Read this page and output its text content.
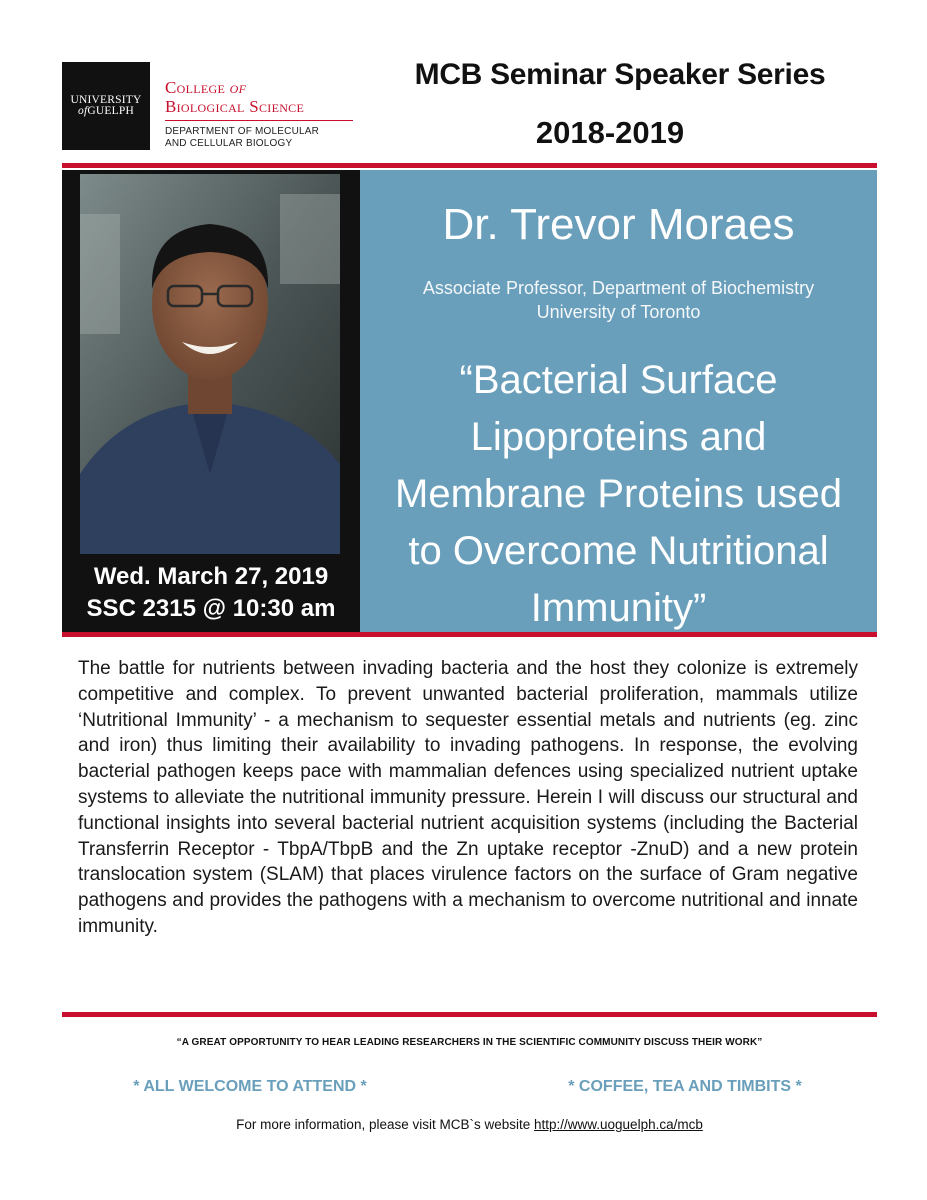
UNIVERSITY
ofGUELPH
College of
Biological Science
DEPARTMENT OF MOLECULAR
AND CELLULAR BIOLOGY
MCB Seminar Speaker Series
2018-2019
Dr. Trevor Moraes
Associate Professor, Department of Biochemistry
University of Toronto
“Bacterial Surface
Lipoproteins and
Membrane Proteins used
to Overcome Nutritional
Immunity”
Wed. March 27, 2019
SSC 2315 @ 10:30 am
The battle for nutrients between invading bacteria and the host they colonize is extremely competitive and complex. To prevent unwanted bacterial proliferation, mammals utilize ‘Nutritional Immunity’ - a mechanism to sequester essential metals and nutrients (eg. zinc and iron) thus limiting their availability to invading pathogens. In response, the evolving bacterial pathogen keeps pace with mammalian defences using specialized nutrient uptake systems to alleviate the nutritional immunity pressure. Herein I will discuss our structural and functional insights into several bacterial nutrient acquisition systems (including the Bacterial Transferrin Receptor - TbpA/TbpB and the Zn uptake receptor -ZnuD) and a new protein translocation system (SLAM) that places virulence factors on the surface of Gram negative pathogens and provides the pathogens with a mechanism to overcome nutritional and innate immunity.
“A GREAT OPPORTUNITY TO HEAR LEADING RESEARCHERS IN THE SCIENTIFIC COMMUNITY DISCUSS THEIR WORK”
* ALL WELCOME TO ATTEND *	* COFFEE, TEA AND TIMBITS *
For more information, please visit MCB`s website http://www.uoguelph.ca/mcb
